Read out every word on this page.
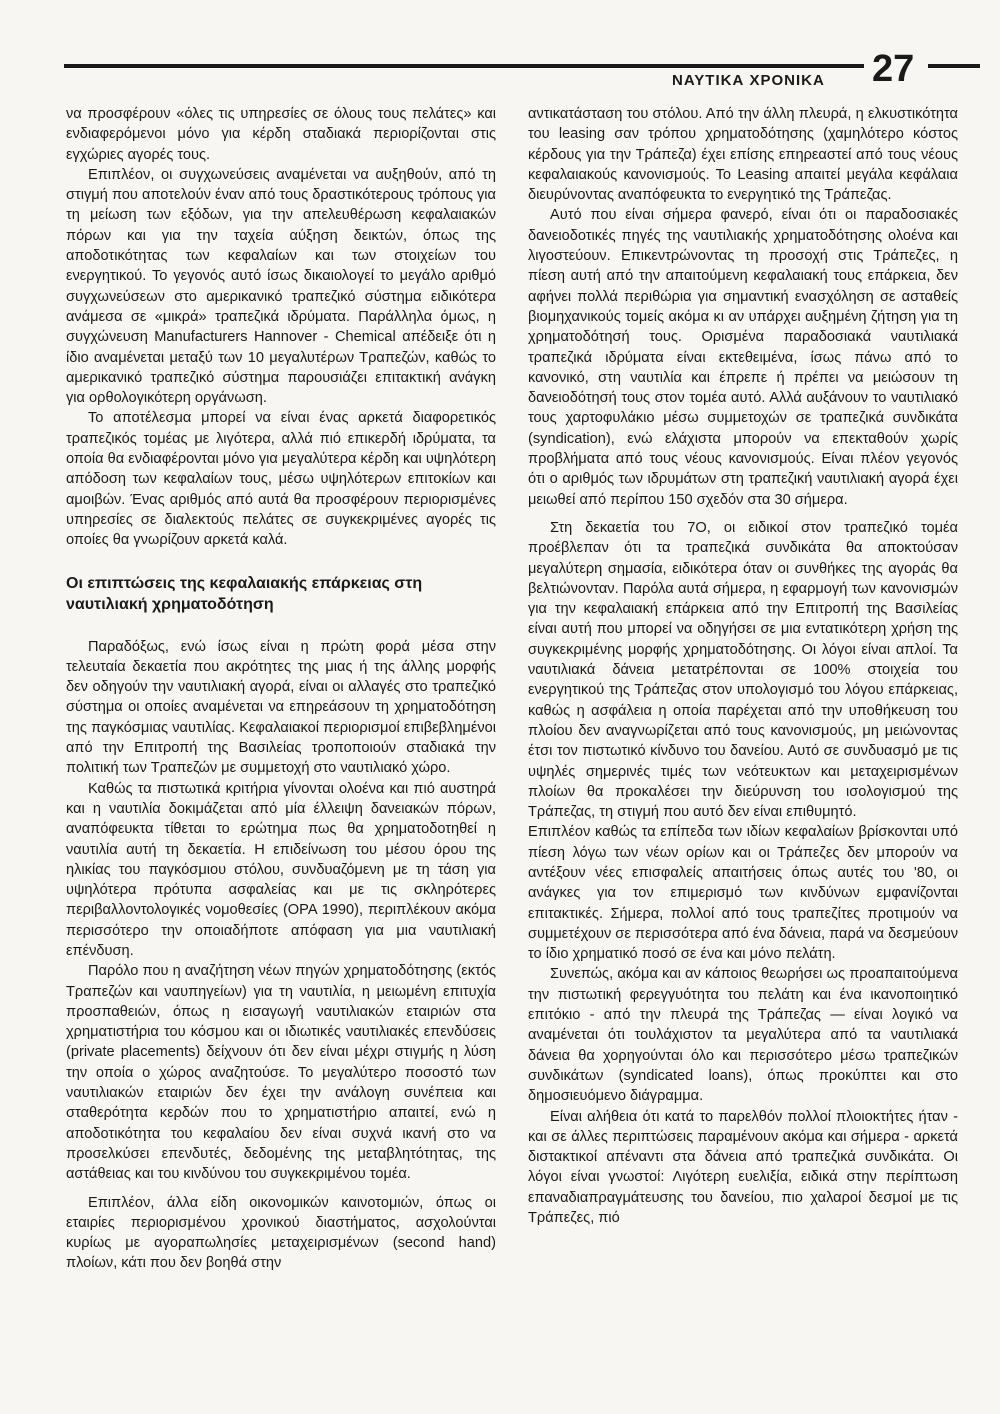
ΝΑΥΤΙΚΑ ΧΡΟΝΙΚΑ 27

να προσφέρουν «όλες τις υπηρεσίες σε όλους τους πελάτες» και ενδιαφερόμενοι μόνο για κέρδη σταδιακά περιορίζονται στις εγχώριες αγορές τους.

Επιπλέον, οι συγχωνεύσεις αναμένεται να αυξηθούν, από τη στιγμή που αποτελούν έναν από τους δραστικότερους τρόπους για τη μείωση των εξόδων, για την απελευθέρωση κεφαλαιακών πόρων και για την ταχεία αύξηση δεικτών, όπως της αποδοτικότητας των κεφαλαίων και των στοιχείων του ενεργητικού. Το γεγονός αυτό ίσως δικαιολογεί το μεγάλο αριθμό συγχωνεύσεων στο αμερικανικό τραπεζικό σύστημα ειδικότερα ανάμεσα σε «μικρά» τραπεζικά ιδρύματα. Παράλληλα όμως, η συγχώνευση Manufacturers Hannover - Chemical απέδειξε ότι η ίδιο αναμένεται μεταξύ των 10 μεγαλυτέρων Τραπεζών, καθώς το αμερικανικό τραπεζικό σύστημα παρουσιάζει επιτακτική ανάγκη για ορθολογικότερη οργάνωση.

Το αποτέλεσμα μπορεί να είναι ένας αρκετά διαφορετικός τραπεζικός τομέας με λιγότερα, αλλά πιό επικερδή ιδρύματα, τα οποία θα ενδιαφέρονται μόνο για μεγαλύτερα κέρδη και υψηλότερη απόδοση των κεφαλαίων τους, μέσω υψηλότερων επιτοκίων και αμοιβών. Ένας αριθμός από αυτά θα προσφέρουν περιορισμένες υπηρεσίες σε διαλεκτούς πελάτες σε συγκεκριμένες αγορές τις οποίες θα γνωρίζουν αρκετά καλά.

Οι επιπτώσεις της κεφαλαιακής επάρκειας στη ναυτιλιακή χρηματοδότηση

Παραδόξως, ενώ ίσως είναι η πρώτη φορά μέσα στην τελευταία δεκαετία που ακρότητες της μιας ή της άλλης μορφής δεν οδηγούν την ναυτιλιακή αγορά, είναι οι αλλαγές στο τραπεζικό σύστημα οι οποίες αναμένεται να επηρεάσουν τη χρηματοδότηση της παγκόσμιας ναυτιλίας. Κεφαλαιακοί περιορισμοί επιβεβλημένοι από την Επιτροπή της Βασιλείας τροποποιούν σταδιακά την πολιτική των Τραπεζών με συμμετοχή στο ναυτιλιακό χώρο.

Καθώς τα πιστωτικά κριτήρια γίνονται ολοένα και πιό αυστηρά και η ναυτιλία δοκιμάζεται από μία έλλειψη δανειακών πόρων, αναπόφευκτα τίθεται το ερώτημα πως θα χρηματοδοτηθεί η ναυτιλία αυτή τη δεκαετία. Η επιδείνωση του μέσου όρου της ηλικίας του παγκόσμιου στόλου, συνδυαζόμενη με τη τάση για υψηλότερα πρότυπα ασφαλείας και με τις σκληρότερες περιβαλλοντολογικές νομοθεσίες (OPA 1990), περιπλέκουν ακόμα περισσότερο την οποιαδήποτε απόφαση για μια ναυτιλιακή επένδυση.

Παρόλο που η αναζήτηση νέων πηγών χρηματοδότησης (εκτός Τραπεζών και ναυπηγείων) για τη ναυτιλία, η μειωμένη επιτυχία προσπαθειών, όπως η εισαγωγή ναυτιλιακών εταιριών στα χρηματιστήρια του κόσμου και οι ιδιωτικές ναυτιλιακές επενδύσεις (private placements) δείχνουν ότι δεν είναι μέχρι στιγμής η λύση την οποία ο χώρος αναζητούσε. Το μεγαλύτερο ποσοστό των ναυτιλιακών εταιριών δεν έχει την ανάλογη συνέπεια και σταθερότητα κερδών που το χρηματιστήριο απαιτεί, ενώ η αποδοτικότητα του κεφαλαίου δεν είναι συχνά ικανή στο να προσελκύσει επενδυτές, δεδομένης της μεταβλητότητας, της αστάθειας και του κινδύνου του συγκεκριμένου τομέα.

Επιπλέον, άλλα είδη οικονομικών καινοτομιών, όπως οι εταιρίες περιορισμένου χρονικού διαστήματος, ασχολούνται κυρίως με αγοραπωλησίες μεταχειρισμένων (second hand) πλοίων, κάτι που δεν βοηθά στην

αντικατάσταση του στόλου. Από την άλλη πλευρά, η ελκυστικότητα του leasing σαν τρόπου χρηματοδότησης (χαμηλότερο κόστος κέρδους για την Τράπεζα) έχει επίσης επηρεαστεί από τους νέους κεφαλαιακούς κανονισμούς. Το Leasing απαιτεί μεγάλα κεφάλαια διευρύνοντας αναπόφευκτα το ενεργητικό της Τράπεζας.

Αυτό που είναι σήμερα φανερό, είναι ότι οι παραδοσιακές δανειοδοτικές πηγές της ναυτιλιακής χρηματοδότησης ολοένα και λιγοστεύουν. Επικεντρώνοντας τη προσοχή στις Τράπεζες, η πίεση αυτή από την απαιτούμενη κεφαλαιακή τους επάρκεια, δεν αφήνει πολλά περιθώρια για σημαντική ενασχόληση σε ασταθείς βιομηχανικούς τομείς ακόμα κι αν υπάρχει αυξημένη ζήτηση για τη χρηματοδότησή τους. Ορισμένα παραδοσιακά ναυτιλιακά τραπεζικά ιδρύματα είναι εκτεθειμένα, ίσως πάνω από το κανονικό, στη ναυτιλία και έπρεπε ή πρέπει να μειώσουν τη δανειοδότησή τους στον τομέα αυτό. Αλλά αυξάνουν το ναυτιλιακό τους χαρτοφυλάκιο μέσω συμμετοχών σε τραπεζικά συνδικάτα (syndication), ενώ ελάχιστα μπορούν να επεκταθούν χωρίς προβλήματα από τους νέους κανονισμούς. Είναι πλέον γεγονός ότι ο αριθμός των ιδρυμάτων στη τραπεζική ναυτιλιακή αγορά έχει μειωθεί από περίπου 150 σχεδόν στα 30 σήμερα.

Στη δεκαετία του 7Ο, οι ειδικοί στον τραπεζικό τομέα προέβλεπαν ότι τα τραπεζικά συνδικάτα θα αποκτούσαν μεγαλύτερη σημασία, ειδικότερα όταν οι συνθήκες της αγοράς θα βελτιώνονταν. Παρόλα αυτά σήμερα, η εφαρμογή των κανονισμών για την κεφαλαιακή επάρκεια από την Επιτροπή της Βασιλείας είναι αυτή που μπορεί να οδηγήσει σε μια εντατικότερη χρήση της συγκεκριμένης μορφής χρηματοδότησης. Οι λόγοι είναι απλοί. Τα ναυτιλιακά δάνεια μετατρέπονται σε 100% στοιχεία του ενεργητικού της Τράπεζας στον υπολογισμό του λόγου επάρκειας, καθώς η ασφάλεια η οποία παρέχεται από την υποθήκευση του πλοίου δεν αναγνωρίζεται από τους κανονισμούς, μη μειώνοντας έτσι τον πιστωτικό κίνδυνο του δανείου. Αυτό σε συνδυασμό με τις υψηλές σημερινές τιμές των νεότευκτων και μεταχειρισμένων πλοίων θα προκαλέσει την διεύρυνση του ισολογισμού της Τράπεζας, τη στιγμή που αυτό δεν είναι επιθυμητό.

Επιπλέον καθώς τα επίπεδα των ιδίων κεφαλαίων βρίσκονται υπό πίεση λόγω των νέων ορίων και οι Τράπεζες δεν μπορούν να αντέξουν νέες επισφαλείς απαιτήσεις όπως αυτές του '80, οι ανάγκες για τον επιμερισμό των κινδύνων εμφανίζονται επιτακτικές. Σήμερα, πολλοί από τους τραπεζίτες προτιμούν να συμμετέχουν σε περισσότερα από ένα δάνεια, παρά να δεσμεύουν το ίδιο χρηματικό ποσό σε ένα και μόνο πελάτη.

Συνεπώς, ακόμα και αν κάποιος θεωρήσει ως προαπαιτούμενα την πιστωτική φερεγγυότητα του πελάτη και ένα ικανοποιητικό επιτόκιο - από την πλευρά της Τράπεζας — είναι λογικό να αναμένεται ότι τουλάχιστον τα μεγαλύτερα από τα ναυτιλιακά δάνεια θα χορηγούνται όλο και περισσότερο μέσω τραπεζικών συνδικάτων (syndicated loans), όπως προκύπτει και στο δημοσιευόμενο διάγραμμα.

Είναι αλήθεια ότι κατά το παρελθόν πολλοί πλοιοκτήτες ήταν - και σε άλλες περιπτώσεις παραμένουν ακόμα και σήμερα - αρκετά διστακτικοί απέναντι στα δάνεια από τραπεζικά συνδικάτα. Οι λόγοι είναι γνωστοί: Λιγότερη ευελιξία, ειδικά στην περίπτωση επαναδιαπραγμάτευσης του δανείου, πιο χαλαροί δεσμοί με τις Τράπεζες, πιό
